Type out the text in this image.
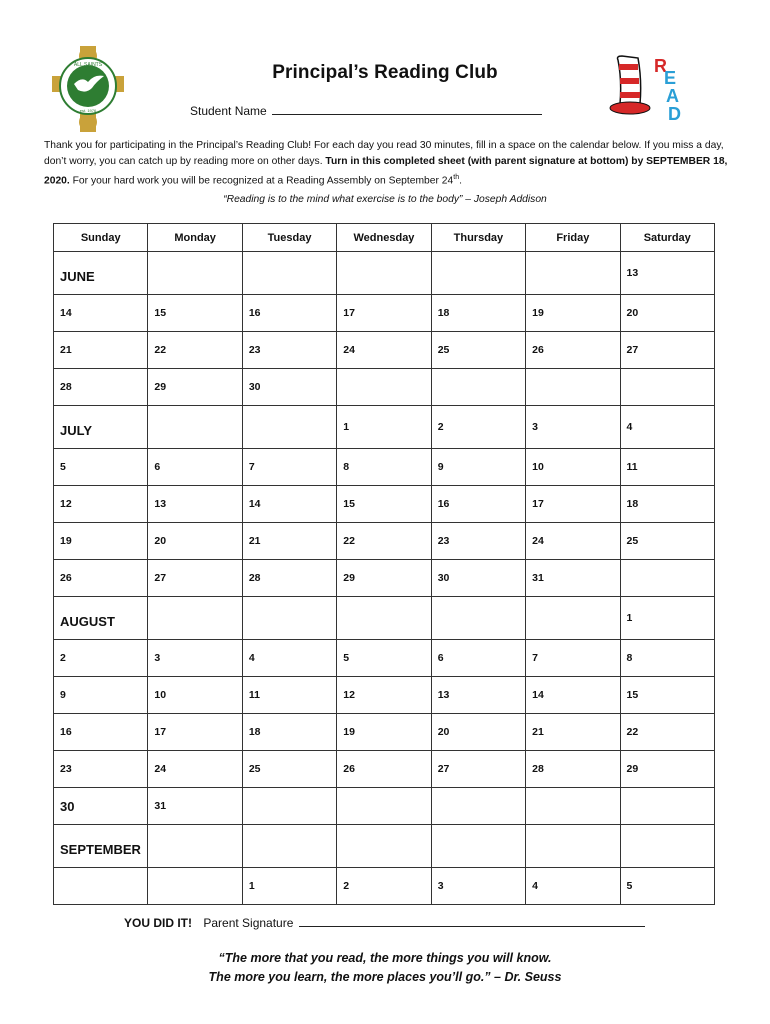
ALL SAINTS
est. 1976
R
E
A
D
Principal’s Reading Club
Student Name
Thank you for participating in the Principal’s Reading Club! For each day you read 30 minutes, fill in a space on the calendar below. If you miss a day, don’t worry, you can catch up by reading more on other days. Turn in this completed sheet (with parent signature at bottom) by SEPTEMBER 18, 2020. For your hard work you will be recognized at a Reading Assembly on September 24th.
“Reading is to the mind what exercise is to the body” – Joseph Addison
Sunday	Monday	Tuesday	Wednesday	Thursday	Friday	Saturday
JUNE						13
14	15	16	17	18	19	20
21	22	23	24	25	26	27
28	29	30				
JULY			1	2	3	4
5	6	7	8	9	10	11
12	13	14	15	16	17	18
19	20	21	22	23	24	25
26	27	28	29	30	31	
AUGUST						1
2	3	4	5	6	7	8
9	10	11	12	13	14	15
16	17	18	19	20	21	22
23	24	25	26	27	28	29
30	31					
SEPTEMBER						
		1	2	3	4	5
YOU DID IT! Parent Signature
“The more that you read, the more things you will know.
The more you learn, the more places you’ll go.” – Dr. Seuss
